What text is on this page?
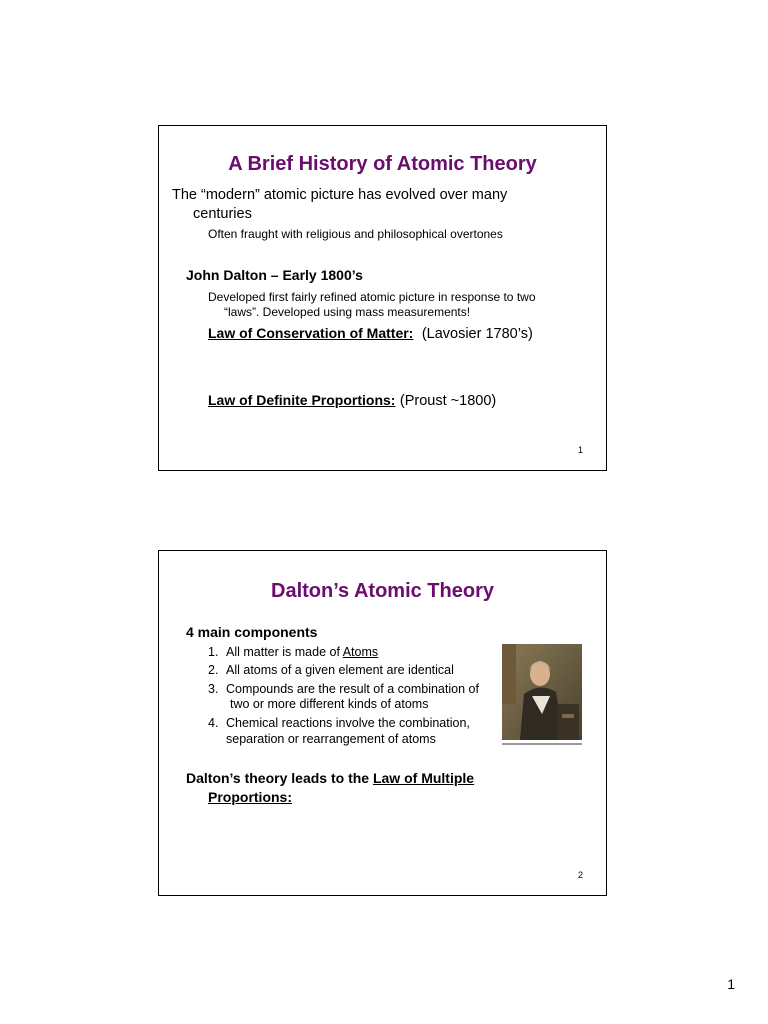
A Brief History of Atomic Theory
The “modern” atomic picture has evolved over many
centuries
Often fraught with religious and philosophical overtones
John Dalton – Early 1800’s
Developed first fairly refined atomic picture in response to two
“laws”. Developed using mass measurements!
Law of Conservation of Matter: (Lavosier 1780’s)
Law of Definite Proportions: (Proust ~1800)
1
Dalton’s Atomic Theory
4 main components
1. All matter is made of Atoms
2. All atoms of a given element are identical
3. Compounds are the result of a combination of
two or more different kinds of atoms
4. Chemical reactions involve the combination,
separation or rearrangement of atoms
Dalton’s theory leads to the Law of Multiple
Proportions:
2
1
